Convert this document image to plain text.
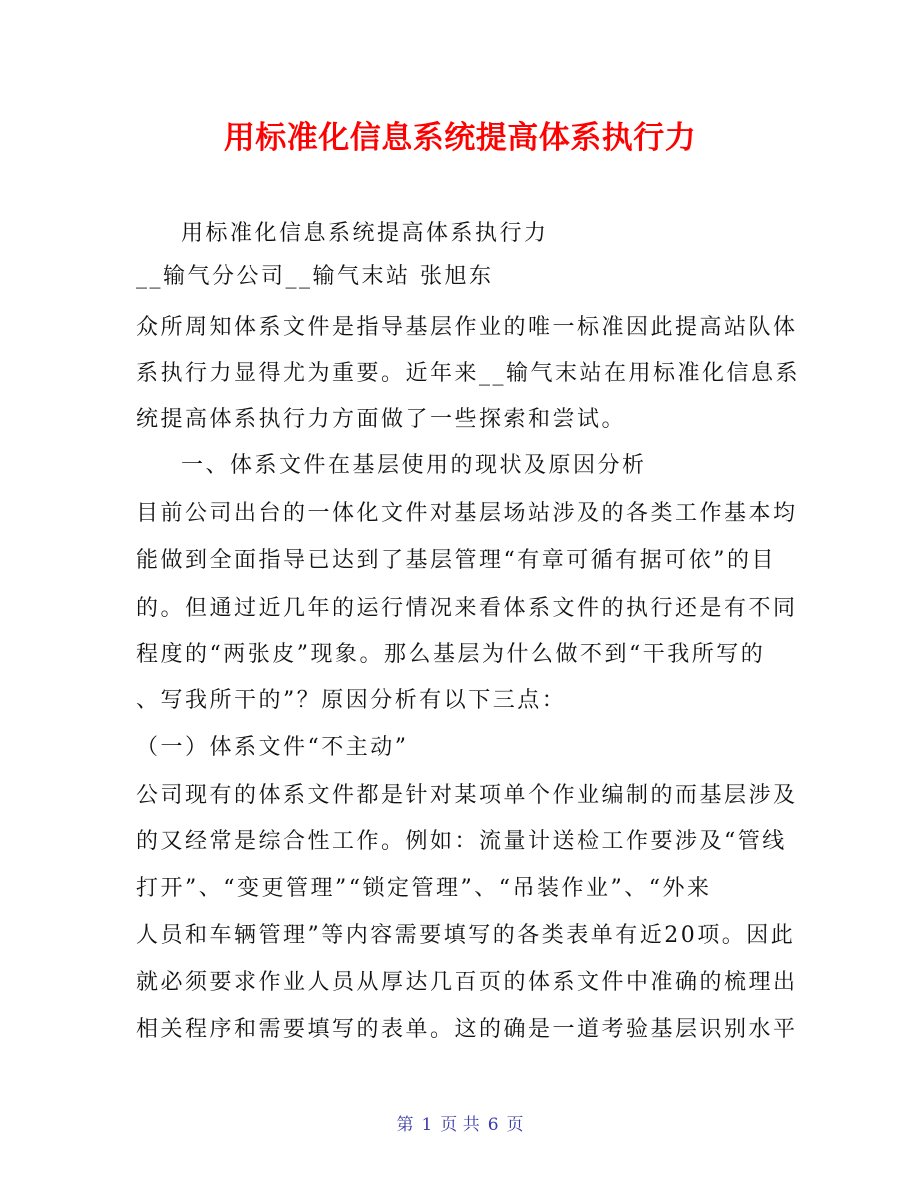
用标准化信息系统提高体系执行力
用标准化信息系统提高体系执行力
__输气分公司__输气末站 张旭东
众所周知体系文件是指导基层作业的唯一标准因此提高站队体
系执行力显得尤为重要。近年来__输气末站在用标准化信息系
统提高体系执行力方面做了一些探索和尝试。
一、体系文件在基层使用的现状及原因分析
目前公司出台的一体化文件对基层场站涉及的各类工作基本均
能做到全面指导已达到了基层管理“有章可循有据可依”的目
的。但通过近几年的运行情况来看体系文件的执行还是有不同
程度的“两张皮”现象。那么基层为什么做不到“干我所写的
、写我所干的”？原因分析有以下三点：
（一）体系文件“不主动”
公司现有的体系文件都是针对某项单个作业编制的而基层涉及
的又经常是综合性工作。例如：流量计送检工作要涉及“管线
打开”、“变更管理”“锁定管理”、“吊装作业”、“外来
人员和车辆管理”等内容需要填写的各类表单有近20项。因此
就必须要求作业人员从厚达几百页的体系文件中准确的梳理出
相关程序和需要填写的表单。这的确是一道考验基层识别水平
第 1 页 共 6 页
